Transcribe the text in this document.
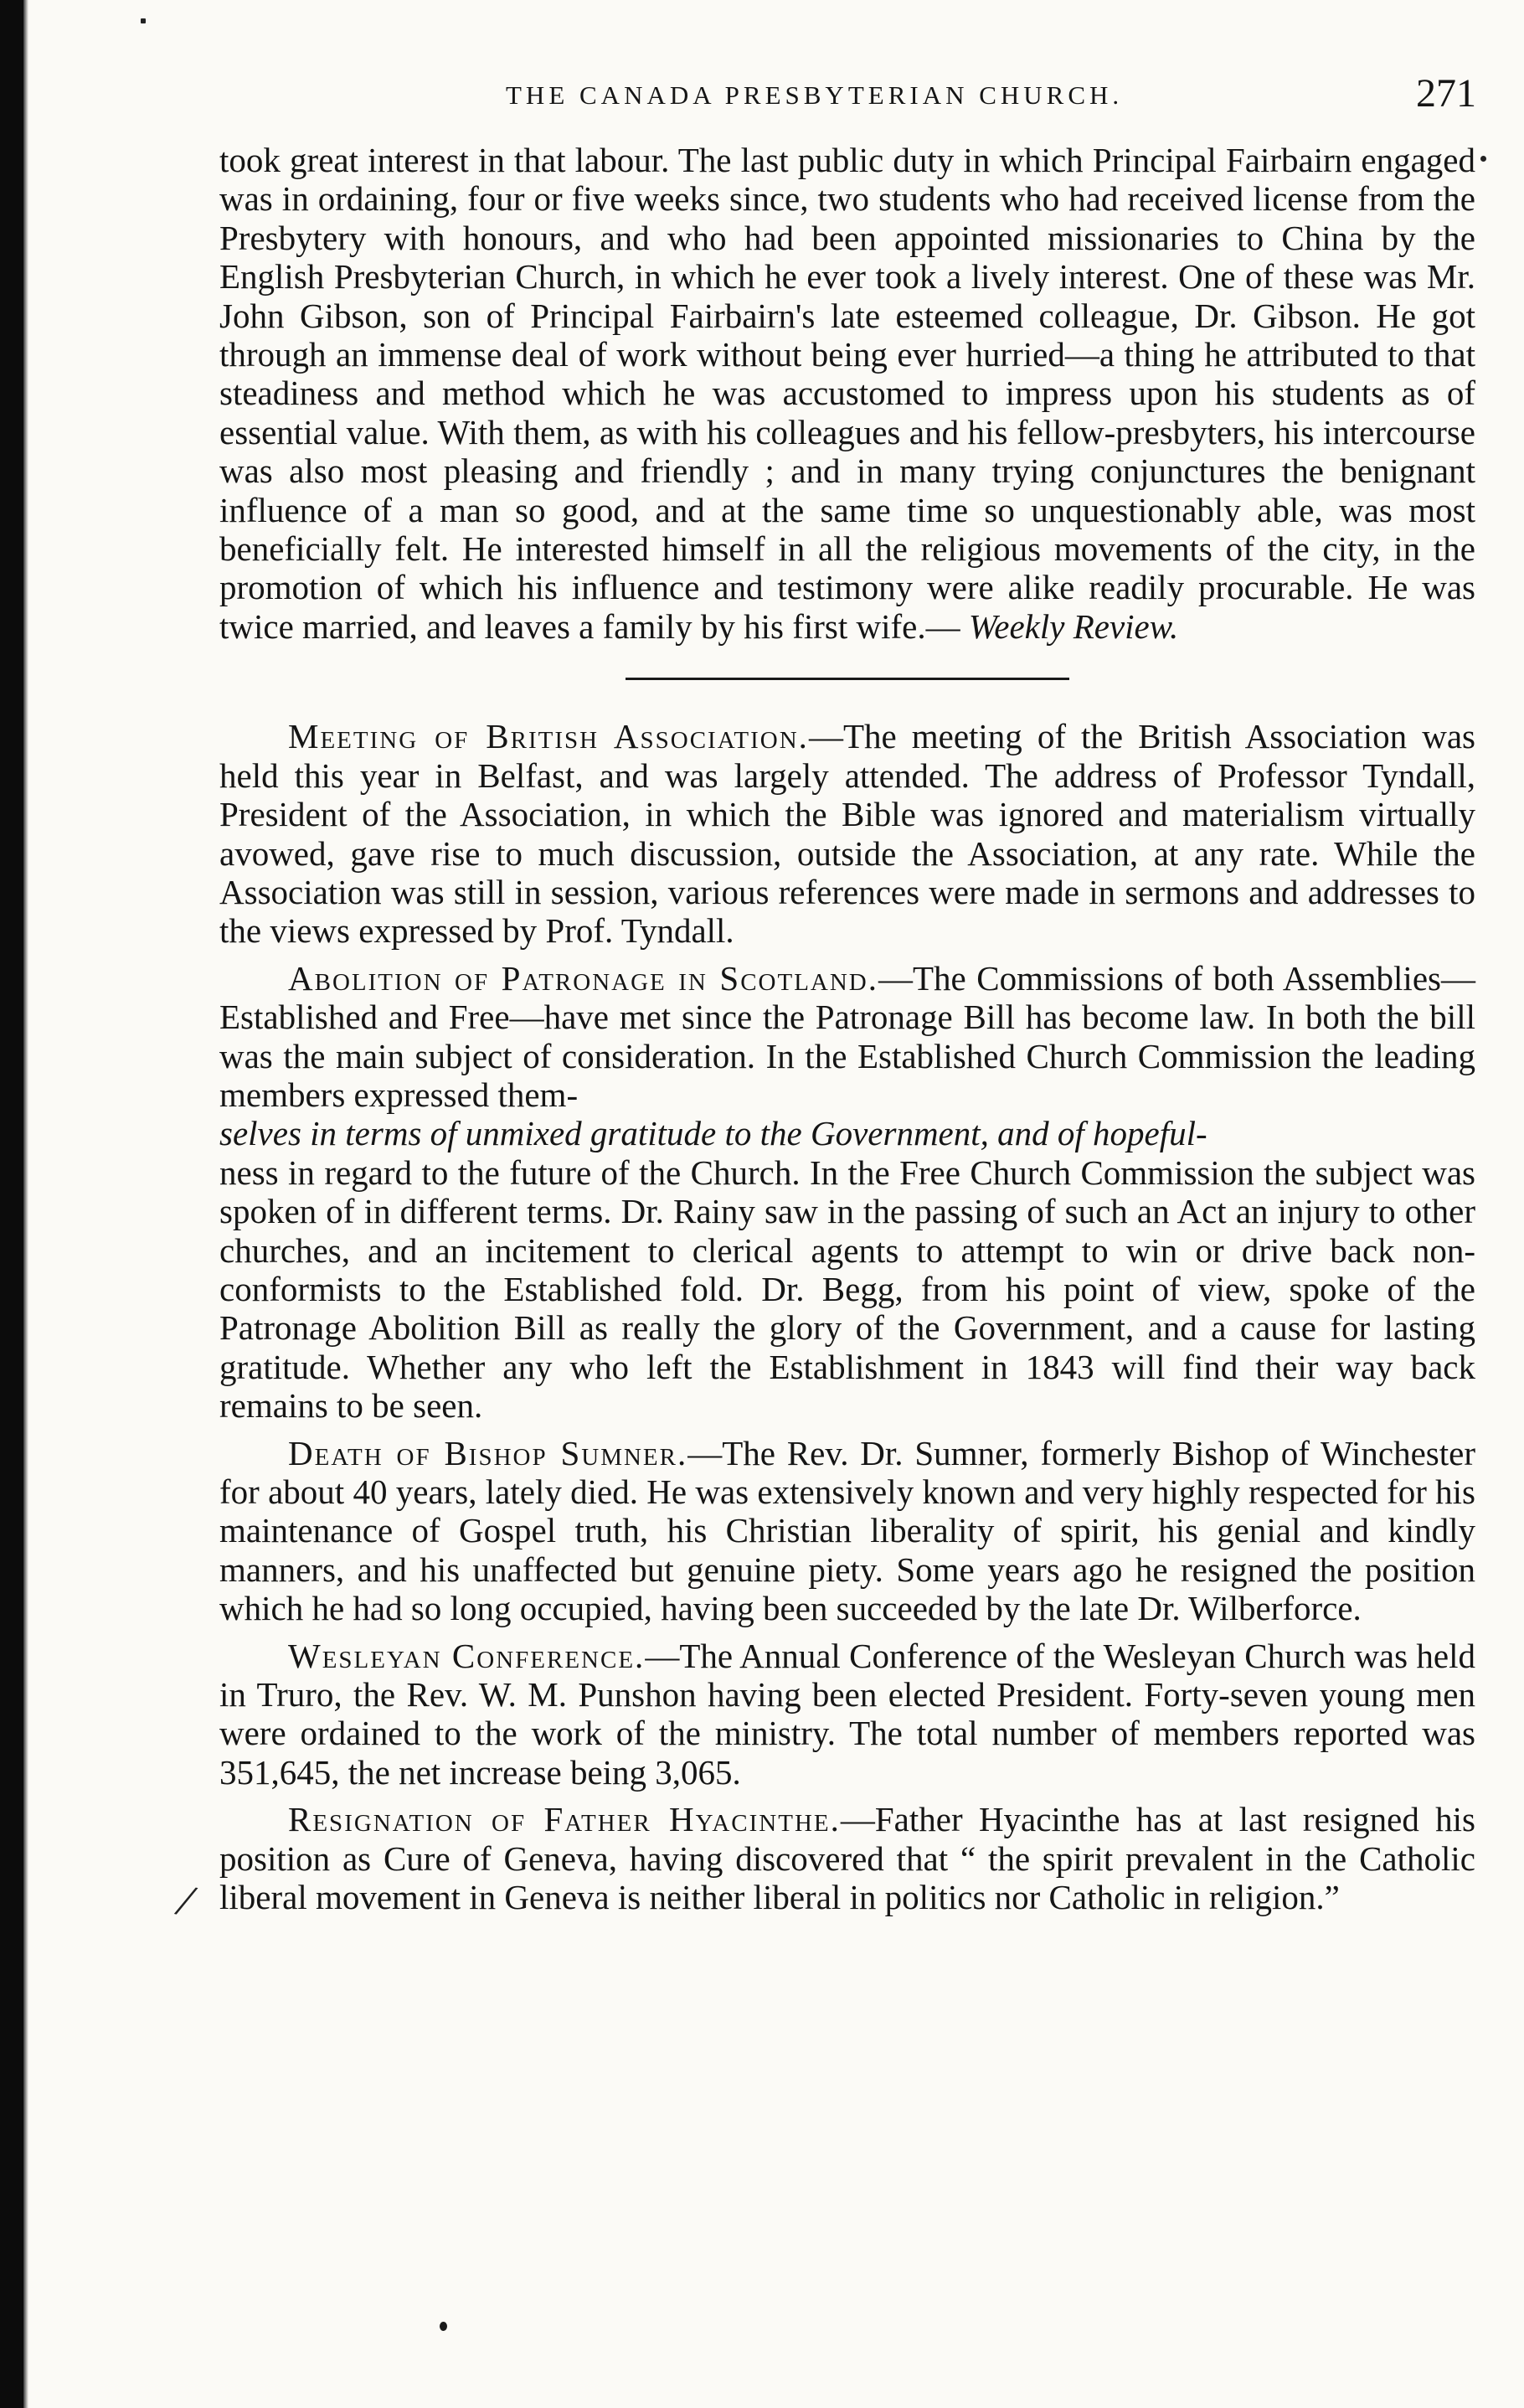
THE CANADA PRESBYTERIAN CHURCH.	271

took great interest in that labour. The last public duty in which Principal Fairbairn engaged was in ordaining, four or five weeks since, two students who had received license from the Presbytery with honours, and who had been appointed missionaries to China by the English Presbyterian Church, in which he ever took a lively interest. One of these was Mr. John Gibson, son of Principal Fairbairn's late esteemed colleague, Dr. Gibson. He got through an immense deal of work without being ever hurried—a thing he attributed to that steadiness and method which he was accustomed to impress upon his students as of essential value. With them, as with his colleagues and his fellow-presbyters, his intercourse was also most pleasing and friendly ; and in many trying conjunctures the benignant influence of a man so good, and at the same time so unquestionably able, was most beneficially felt. He interested himself in all the religious movements of the city, in the promotion of which his influence and testimony were alike readily procurable. He was twice married, and leaves a family by his first wife.— Weekly Review.

Meeting of British Association.—The meeting of the British Association was held this year in Belfast, and was largely attended. The address of Professor Tyndall, President of the Association, in which the Bible was ignored and materialism virtually avowed, gave rise to much discussion, outside the Association, at any rate. While the Association was still in session, various references were made in sermons and addresses to the views expressed by Prof. Tyndall.

Abolition of Patronage in Scotland.—The Commissions of both Assemblies—Established and Free—have met since the Patronage Bill has become law. In both the bill was the main subject of consideration. In the Established Church Commission the leading members expressed them-
selves in terms of unmixed gratitude to the Government, and of hopeful-
ness in regard to the future of the Church. In the Free Church Commission the subject was spoken of in different terms. Dr. Rainy saw in the passing of such an Act an injury to other churches, and an incitement to clerical agents to attempt to win or drive back non-conformists to the Established fold. Dr. Begg, from his point of view, spoke of the Patronage Abolition Bill as really the glory of the Government, and a cause for lasting gratitude. Whether any who left the Establishment in 1843 will find their way back remains to be seen.

Death of Bishop Sumner.—The Rev. Dr. Sumner, formerly Bishop of Winchester for about 40 years, lately died. He was extensively known and very highly respected for his maintenance of Gospel truth, his Christian liberality of spirit, his genial and kindly manners, and his unaffected but genuine piety. Some years ago he resigned the position which he had so long occupied, having been succeeded by the late Dr. Wilberforce.

Wesleyan Conference.—The Annual Conference of the Wesleyan Church was held in Truro, the Rev. W. M. Punshon having been elected President. Forty-seven young men were ordained to the work of the ministry. The total number of members reported was 351,645, the net increase being 3,065.

Resignation of Father Hyacinthe.—Father Hyacinthe has at last resigned his position as Cure of Geneva, having discovered that “ the spirit prevalent in the Catholic liberal movement in Geneva is neither liberal in politics nor Catholic in religion.”

/
